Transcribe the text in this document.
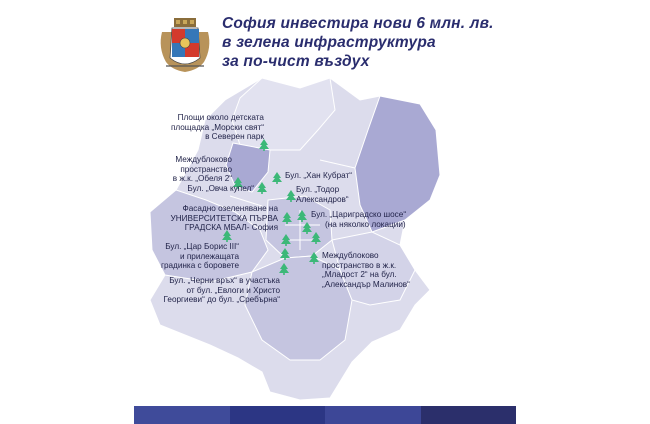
София инвестира нови 6 млн. лв.
в зелена инфраструктура
за по-чист въздух
Площи около детската
площадка „Морски свят“
в Северен парк
Междублоково
пространство
в ж.к. „Обеля 2“
Бул. „Овча купел“
Бул. „Хан Кубрат“
Бул. „Тодор
Александров“
Фасадно озеленяване на
УНИВЕРСИТЕТСКА ПЪРВА
ГРАДСКА МБАЛ- София
Бул. „Цариградско шосе“
(на няколко локации)
Бул. „Цар Борис III“
и прилежащата
градинка с боровете
Междублоково
пространство в ж.к.
„Младост 2“ на бул.
„Александър Малинов“
Бул. „Черни връх“ в участъка
от бул. „Евлоги и Христо
Георгиеви“ до бул. „Сребърна“
